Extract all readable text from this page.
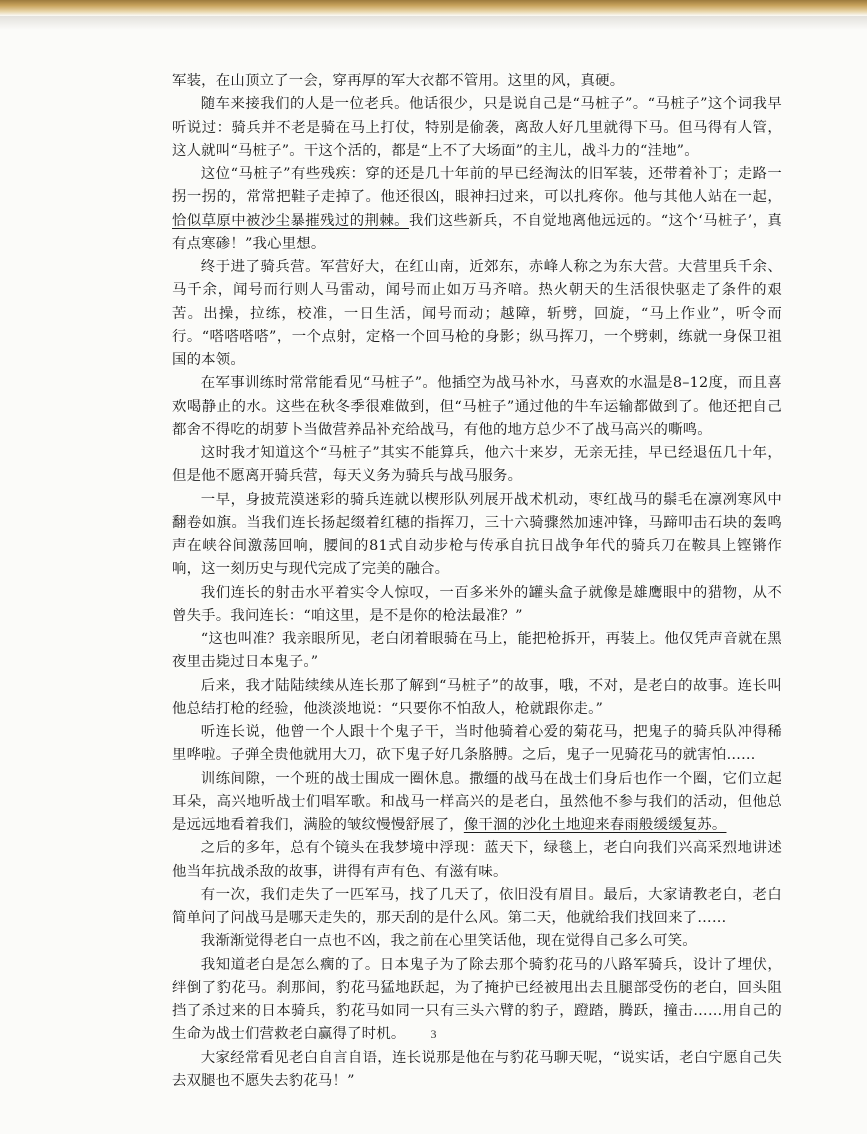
军装，在山顶立了一会，穿再厚的军大衣都不管用。这里的风，真硬。

随车来接我们的人是一位老兵。他话很少，只是说自己是“马桩子”。“马桩子”这个词我早听说过：骑兵并不老是骑在马上打仗，特别是偷袭，离敌人好几里就得下马。但马得有人管，这人就叫“马桩子”。干这个活的，都是“上不了大场面”的主儿，战斗力的“洼地”。

这位“马桩子”有些残疾：穿的还是几十年前的早已经淘汰的旧军装，还带着补丁；走路一拐一拐的，常常把鞋子走掉了。他还很凶，眼神扫过来，可以扎疼你。他与其他人站在一起，恰似草原中被沙尘暴摧残过的荆棘。我们这些新兵，不自觉地离他远远的。“这个‘马桩子’，真有点寒碜！”我心里想。

终于进了骑兵营。军营好大，在红山南，近郊东，赤峰人称之为东大营。大营里兵千余、马千余，闻号而行则人马雷动，闻号而止如万马齐喑。热火朝天的生活很快驱走了条件的艰苦。出操，拉练，校准，一日生活，闻号而动；越障，斩劈，回旋，“马上作业”，听令而行。“嗒嗒嗒嗒”，一个点射，定格一个回马枪的身影；纵马挥刀，一个劈刺，练就一身保卫祖国的本领。

在军事训练时常常能看见“马桩子”。他插空为战马补水，马喜欢的水温是8–12度，而且喜欢喝静止的水。这些在秋冬季很难做到，但“马桩子”通过他的牛车运输都做到了。他还把自己都舍不得吃的胡萝卜当做营养品补充给战马，有他的地方总少不了战马高兴的嘶鸣。

这时我才知道这个“马桩子”其实不能算兵，他六十来岁，无亲无挂，早已经退伍几十年，但是他不愿离开骑兵营，每天义务为骑兵与战马服务。

一早，身披荒漠迷彩的骑兵连就以楔形队列展开战术机动，枣红战马的鬃毛在凛冽寒风中翻卷如旗。当我们连长扬起缀着红穗的指挥刀，三十六骑骤然加速冲锋，马蹄叩击石块的轰鸣声在峡谷间激荡回响，腰间的81式自动步枪与传承自抗日战争年代的骑兵刀在鞍具上铿锵作响，这一刻历史与现代完成了完美的融合。

我们连长的射击水平着实令人惊叹，一百多米外的罐头盒子就像是雄鹰眼中的猎物，从不曾失手。我问连长：“咱这里，是不是你的枪法最准？”

“这也叫准？我亲眼所见，老白闭着眼骑在马上，能把枪拆开，再装上。他仅凭声音就在黑夜里击毙过日本鬼子。”

后来，我才陆陆续续从连长那了解到“马桩子”的故事，哦，不对，是老白的故事。连长叫他总结打枪的经验，他淡淡地说：“只要你不怕敌人，枪就跟你走。”

听连长说，他曾一个人跟十个鬼子干，当时他骑着心爱的菊花马，把鬼子的骑兵队冲得稀里哗啦。子弹全贵他就用大刀，砍下鬼子好几条胳膊。之后，鬼子一见骑花马的就害怕……

训练间隙，一个班的战士围成一圈休息。撒缰的战马在战士们身后也作一个圈，它们立起耳朵，高兴地听战士们唱军歌。和战马一样高兴的是老白，虽然他不参与我们的活动，但他总是远远地看着我们，满脸的皱纹慢慢舒展了，像干涸的沙化土地迎来春雨般缓缓复苏。

之后的多年，总有个镜头在我梦境中浮现：蓝天下，绿毯上，老白向我们兴高采烈地讲述他当年抗战杀敌的故事，讲得有声有色、有滋有味。

有一次，我们走失了一匹军马，找了几天了，依旧没有眉目。最后，大家请教老白，老白简单问了问战马是哪天走失的，那天刮的是什么风。第二天，他就给我们找回来了……

我渐渐觉得老白一点也不凶，我之前在心里笑话他，现在觉得自己多么可笑。

我知道老白是怎么瘸的了。日本鬼子为了除去那个骑豹花马的八路军骑兵，设计了埋伏，绊倒了豹花马。刹那间，豹花马猛地跃起，为了掩护已经被甩出去且腿部受伤的老白，回头阻挡了杀过来的日本骑兵，豹花马如同一只有三头六臂的豹子，蹬踏，腾跃，撞击……用自己的生命为战士们营救老白赢得了时机。

大家经常看见老白自言自语，连长说那是他在与豹花马聊天呢，“说实话，老白宁愿自己失去双腿也不愿失去豹花马！”

3
